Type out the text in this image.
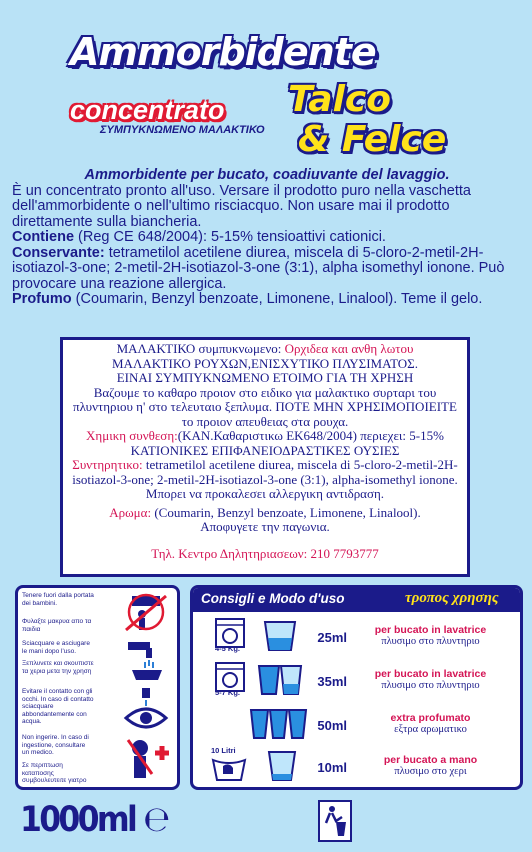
Ammorbidente
concentrato
ΣΥΜΠΥΚΝΩΜΕΝΟ ΜΑΛΑΚΤΙΚΟ
Talco
& Felce

Ammorbidente per bucato, coadiuvante del lavaggio.

È un concentrato pronto all'uso. Versare il prodotto puro nella vaschetta dell'ammorbidente o nell'ultimo risciacquo. Non usare mai il prodotto direttamente sulla biancheria.

Contiene (Reg CE 648/2004): 5-15% tensioattivi cationici.

Conservante: tetrametilol acetilene diurea, miscela di 5-cloro-2-metil-2H-isotiazol-3-one; 2-metil-2H-isotiazol-3-one (3:1), alpha isomethyl ionone. Può provocare una reazione allergica.

Profumo (Coumarin, Benzyl benzoate, Limonene, Linalool). Teme il gelo.

ΜΑΛΑΚΤΙΚΟ συμπυκνωμενο: Ορχιδεα και ανθη λωτου

ΜΑΛΑΚΤΙΚΟ ΡΟΥΧΩΝ,ΕΝΙΣΧΥΤΙΚΟ ΠΛΥΣΙΜΑΤΟΣ.

ΕΙΝΑΙ ΣΥΜΠΥΚΝΩΜΕΝΟ ΕΤΟΙΜΟ ΓΙΑ ΤΗ ΧΡΗΣΗ

Βαζουμε το καθαρο προιον στο ειδικο για μαλακτικο συρταρι του πλυντηριου η' στο τελευταιο ξεπλυμα. ΠΟΤΕ ΜΗΝ ΧΡΗΣΙΜΟΠΟΙΕΙΤΕ το προιον απευθειας στα ρουχα.

Χημικη συνθεση:(ΚΑΝ.Καθαριστικω ΕΚ648/2004) περιεχει: 5-15% ΚΑΤΙΟΝΙΚΕΣ ΕΠΙΦΑΝΕΙΟΔΡΑΣΤΙΚΕΣ ΟΥΣΙΕΣ

Συντηρητικο: tetrametilol acetilene diurea, miscela di 5-cloro-2-metil-2H-isotiazol-3-one; 2-metil-2H-isotiazol-3-one (3:1), alpha-isomethyl ionone. Μπορει να προκαλεσει αλλεργικη αντιδραση.

Αρωμα: (Coumarin, Benzyl benzoate, Limonene, Linalool).

Αποφυγετε την παγωνια.

Τηλ. Κεντρο Δηλητηριασεων: 210 7793777

Tenere fuori dalla portata dei bambini.
Φυλαξτε μακρυα απο τα παιδια
Sciacquare e asciugare le mani dopo l'uso.
Ξεπλυνετε και σκουπιστε τα χερια μετα την χρηση
Evitare il contatto con gli occhi. In caso di contatto sciacquare abbondantemente con acqua.
Non ingerire. In caso di ingestione, consultare un medico.
Σε περιπτωση καταποσης συμβουλευτειτε γιατρο
Consigli e Modo d'uso	τροπος χρησης
4-5 Kg.
25ml	per bucato in lavatrice
πλυσιμο στο πλυντηριο
5-7 Kg.
35ml	per bucato in lavatrice
πλυσιμο στο πλυντηριο
50ml	extra profumato
εξτρα αρωματικο
10 Litri
10ml	per bucato a mano
πλυσιμο στο χερι
1000ml ℮
